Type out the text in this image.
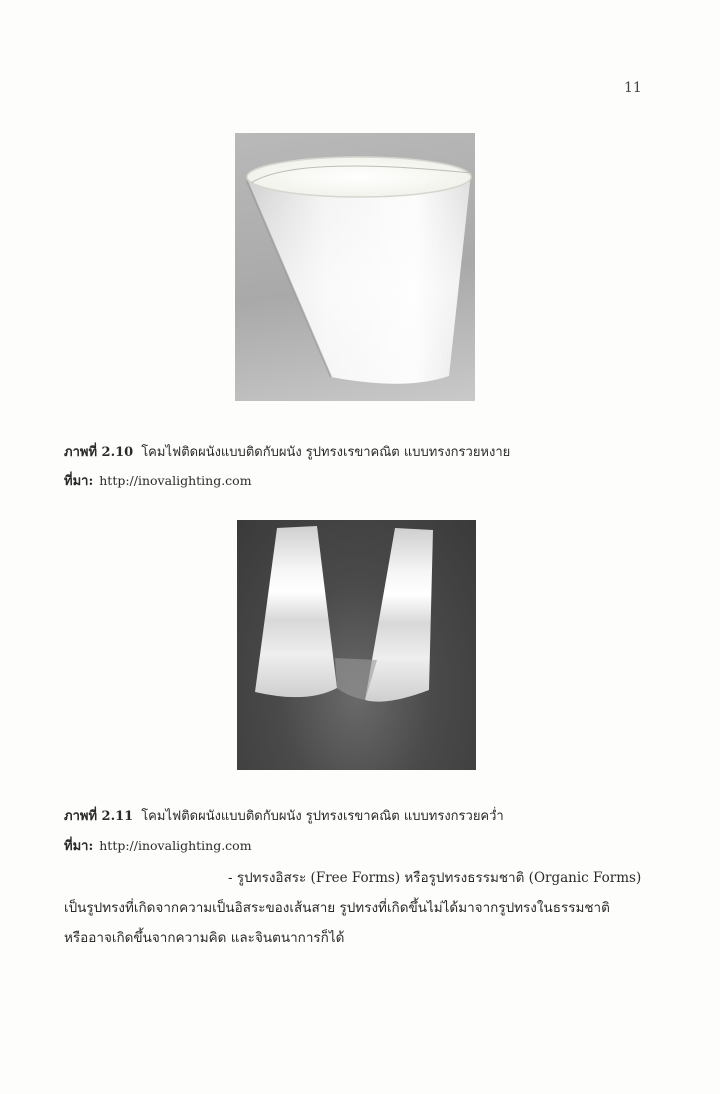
11
ภาพที่ 2.10 โคมไฟติดผนังแบบติดกับผนัง รูปทรงเรขาคณิต แบบทรงกรวยหงาย
ที่มา: http://inovalighting.com
ภาพที่ 2.11 โคมไฟติดผนังแบบติดกับผนัง รูปทรงเรขาคณิต แบบทรงกรวยคว่ำ
ที่มา: http://inovalighting.com
- รูปทรงอิสระ (Free Forms) หรือรูปทรงธรรมชาติ (Organic Forms)
เป็นรูปทรงที่เกิดจากความเป็นอิสระของเส้นสาย รูปทรงที่เกิดขึ้นไม่ได้มาจากรูปทรงในธรรมชาติ
หรืออาจเกิดขึ้นจากความคิด และจินตนาการก็ได้
